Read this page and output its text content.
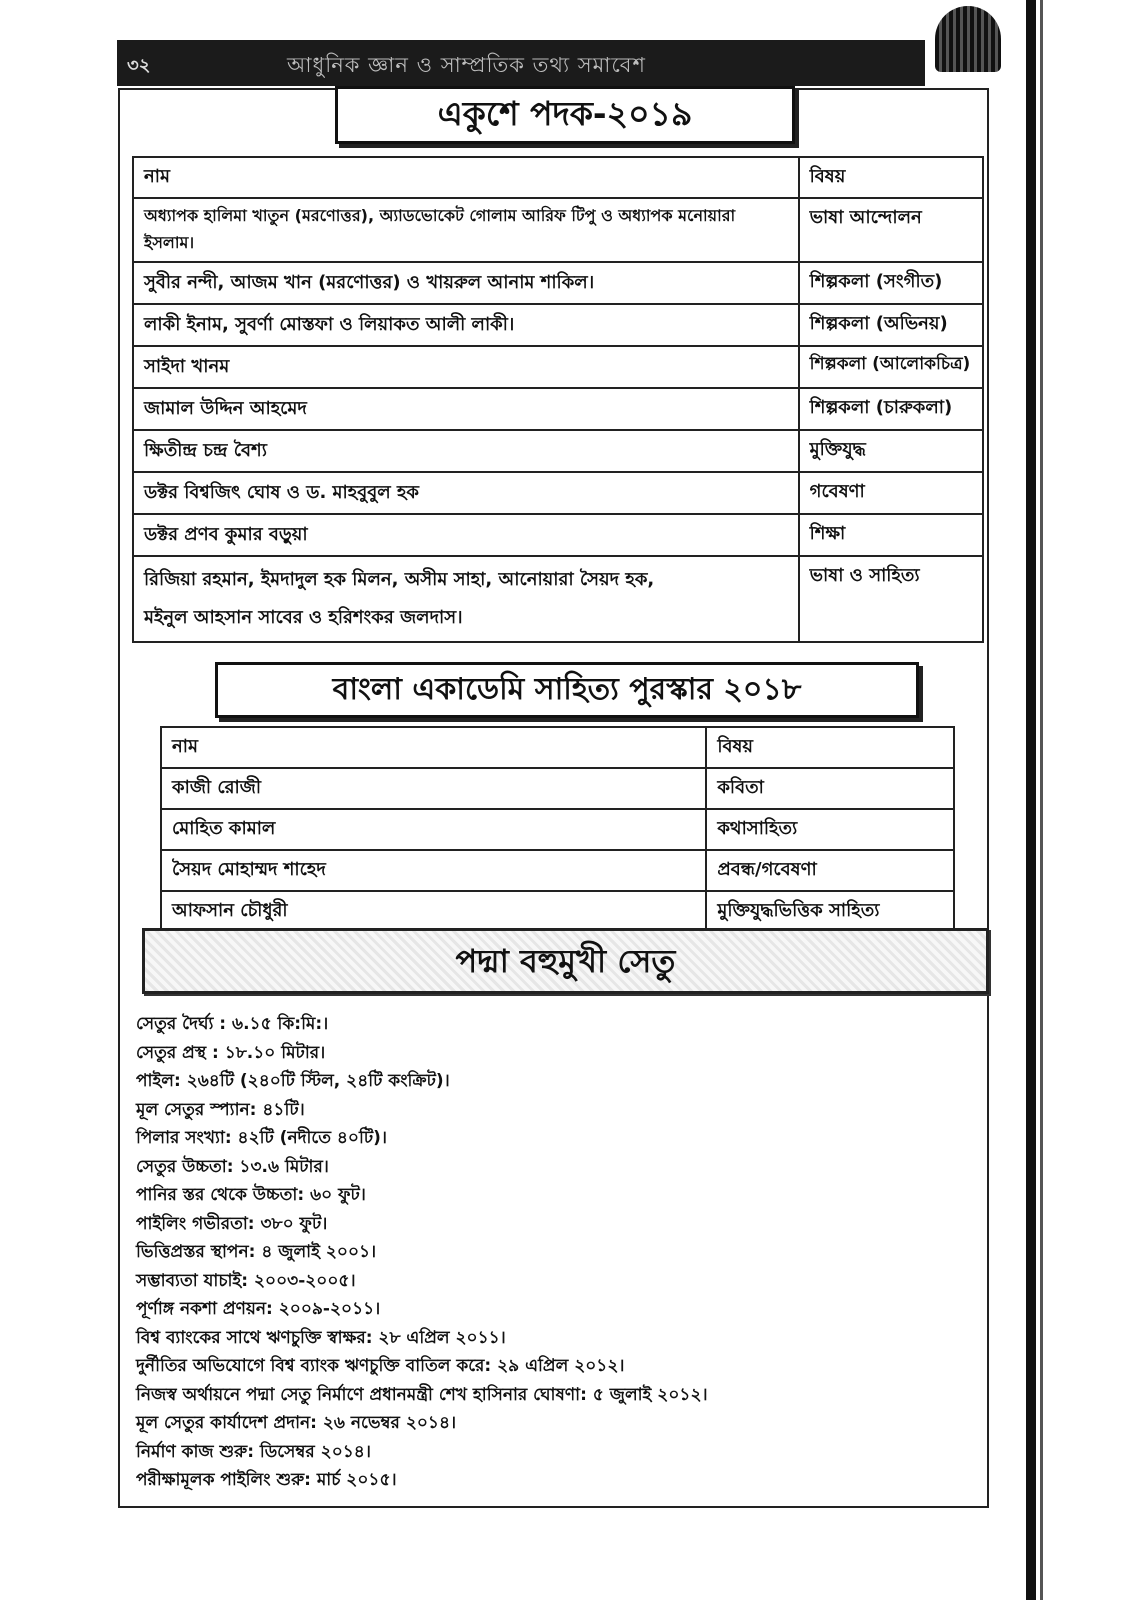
৩২	আধুনিক জ্ঞান ও সাম্প্রতিক তথ্য সমাবেশ
একুশে পদক-২০১৯
নাম	বিষয়
অধ্যাপক হালিমা খাতুন (মরণোত্তর), অ্যাডভোকেট গোলাম আরিফ টিপু ও অধ্যাপক মনোয়ারা ইসলাম।	ভাষা আন্দোলন
সুবীর নন্দী, আজম খান (মরণোত্তর) ও খায়রুল আনাম শাকিল।	শিল্পকলা (সংগীত)
লাকী ইনাম, সুবর্ণা মোস্তফা ও লিয়াকত আলী লাকী।	শিল্পকলা (অভিনয়)
সাইদা খানম	শিল্পকলা (আলোকচিত্র)
জামাল উদ্দিন আহমেদ	শিল্পকলা (চারুকলা)
ক্ষিতীন্দ্র চন্দ্র বৈশ্য	মুক্তিযুদ্ধ
ডক্টর বিশ্বজিৎ ঘোষ ও ড. মাহবুবুল হক	গবেষণা
ডক্টর প্রণব কুমার বড়ুয়া	শিক্ষা

রিজিয়া রহমান, ইমদাদুল হক মিলন, অসীম সাহা, আনোয়ারা সৈয়দ হক,
মইনুল আহসান সাবের ও হরিশংকর জলদাস।	ভাষা ও সাহিত্য
বাংলা একাডেমি সাহিত্য পুরস্কার ২০১৮
নাম	বিষয়
কাজী রোজী	কবিতা
মোহিত কামাল	কথাসাহিত্য
সৈয়দ মোহাম্মদ শাহেদ	প্রবন্ধ/গবেষণা
আফসান চৌধুরী	মুক্তিযুদ্ধভিত্তিক সাহিত্য
পদ্মা বহুমুখী সেতু
সেতুর দৈর্ঘ্য : ৬.১৫ কি:মি:।
সেতুর প্রস্থ : ১৮.১০ মিটার।
পাইল: ২৬৪টি (২৪০টি স্টিল, ২৪টি কংক্রিট)।
মূল সেতুর স্প্যান: ৪১টি।
পিলার সংখ্যা: ৪২টি (নদীতে ৪০টি)।
সেতুর উচ্চতা: ১৩.৬ মিটার।
পানির স্তর থেকে উচ্চতা: ৬০ ফুট।
পাইলিং গভীরতা: ৩৮০ ফুট।
ভিত্তিপ্রস্তর স্থাপন: ৪ জুলাই ২০০১।
সম্ভাব্যতা যাচাই: ২০০৩-২০০৫।
পূর্ণাঙ্গ নকশা প্রণয়ন: ২০০৯-২০১১।
বিশ্ব ব্যাংকের সাথে ঋণচুক্তি স্বাক্ষর: ২৮ এপ্রিল ২০১১।
দুর্নীতির অভিযোগে বিশ্ব ব্যাংক ঋণচুক্তি বাতিল করে: ২৯ এপ্রিল ২০১২।
নিজস্ব অর্থায়নে পদ্মা সেতু নির্মাণে প্রধানমন্ত্রী শেখ হাসিনার ঘোষণা: ৫ জুলাই ২০১২।
মূল সেতুর কার্যাদেশ প্রদান: ২৬ নভেম্বর ২০১৪।
নির্মাণ কাজ শুরু: ডিসেম্বর ২০১৪।
পরীক্ষামূলক পাইলিং শুরু: মার্চ ২০১৫।
